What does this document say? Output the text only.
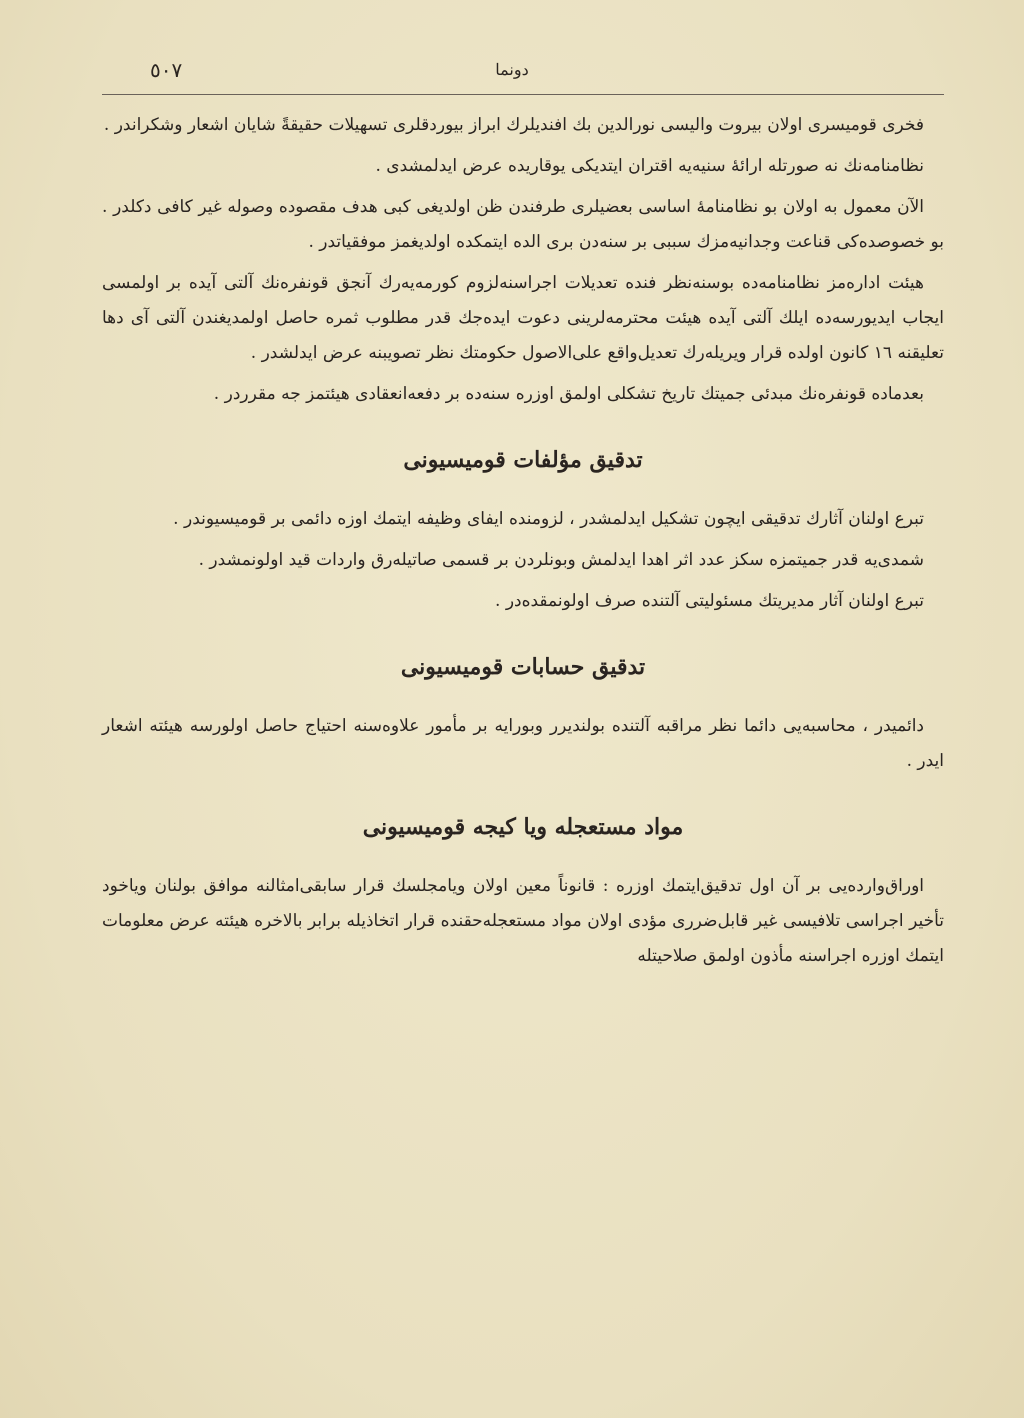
٥٠٧	دونما

فخری قومیسری اولان بیروت والیسی نورالدین بك افندیلرك ابراز بیوردقلری تسهیلات حقیقةً شایان اشعار وشکراندر .

نظامنامه‌نك نه صورتله ارائهٔ سنیه‌یه اقتران ایتدیکی یوقاریده عرض ایدلمشدی .

الآن معمول به اولان بو نظامنامهٔ اساسی بعضیلری طرفندن ظن اولدیغی کبی هدف مقصوده وصوله غیر کافی دکلدر . بو خصوصده‌کی قناعت وجدانیه‌مزك سببی بر سنه‌دن بری الده ایتمکده اولدیغمز موفقیاتدر .

هیئت اداره‌مز نظامنامه‌ده بوسنه‌نظر فنده تعدیلات اجراسنه‌لزوم کورمه‌یه‌رك آنجق قونفره‌نك آلتی آیده بر اولمسی ایجاب ایدیورسه‌ده ایلك آلتی آیده هیئت محترمه‌لرینی دعوت ایده‌جك قدر مطلوب ثمره حاصل اولمدیغندن آلتی آی دها تعلیقنه ١٦ کانون اولده قرار ویریله‌رك تعدیل‌واقع علی‌الاصول حکومتك نظر تصویبنه عرض ایدلشدر .

بعدماده قونفره‌نك مبدئی جمیتك تاریخ تشکلی اولمق اوزره سنه‌ده بر دفعه‌انعقادی هیئتمز جه مقرردر .

تدقیق مؤلفات قومیسیونی

تبرع اولنان آثارك تدقیقی ایچون تشکیل ایدلمشدر ، لزومنده ایفای وظیفه ایتمك اوزه دائمی بر قومیسیوندر .

شمدی‌یه قدر جمیتمزه سکز عدد اثر اهدا ایدلمش وبونلردن بر قسمی صاتیله‌رق واردات قید اولونمشدر .

تبرع اولنان آثار مدیریتك مسئولیتی آلتنده صرف اولونمقده‌در .

تدقیق حسابات قومیسیونی

دائمیدر ، محاسبه‌یی دائما نظر مراقبه آلتنده بولندیرر وبورایه بر مأمور علاوه‌سنه احتیاج حاصل اولورسه هیئته اشعار ایدر .

مواد مستعجله ویا کیجه قومیسیونی

اوراق‌وارده‌یی بر آن اول تدقیق‌ایتمك اوزره : قانوناً معین اولان ویامجلسك قرار سابقی‌امثالنه موافق بولنان ویاخود تأخیر اجراسی تلافیسی غیر قابل‌ضرری مؤدی اولان مواد مستعجله‌حقنده قرار اتخاذیله برابر بالاخره هیئته عرض معلومات ایتمك اوزره اجراسنه مأذون اولمق صلاحیتله
